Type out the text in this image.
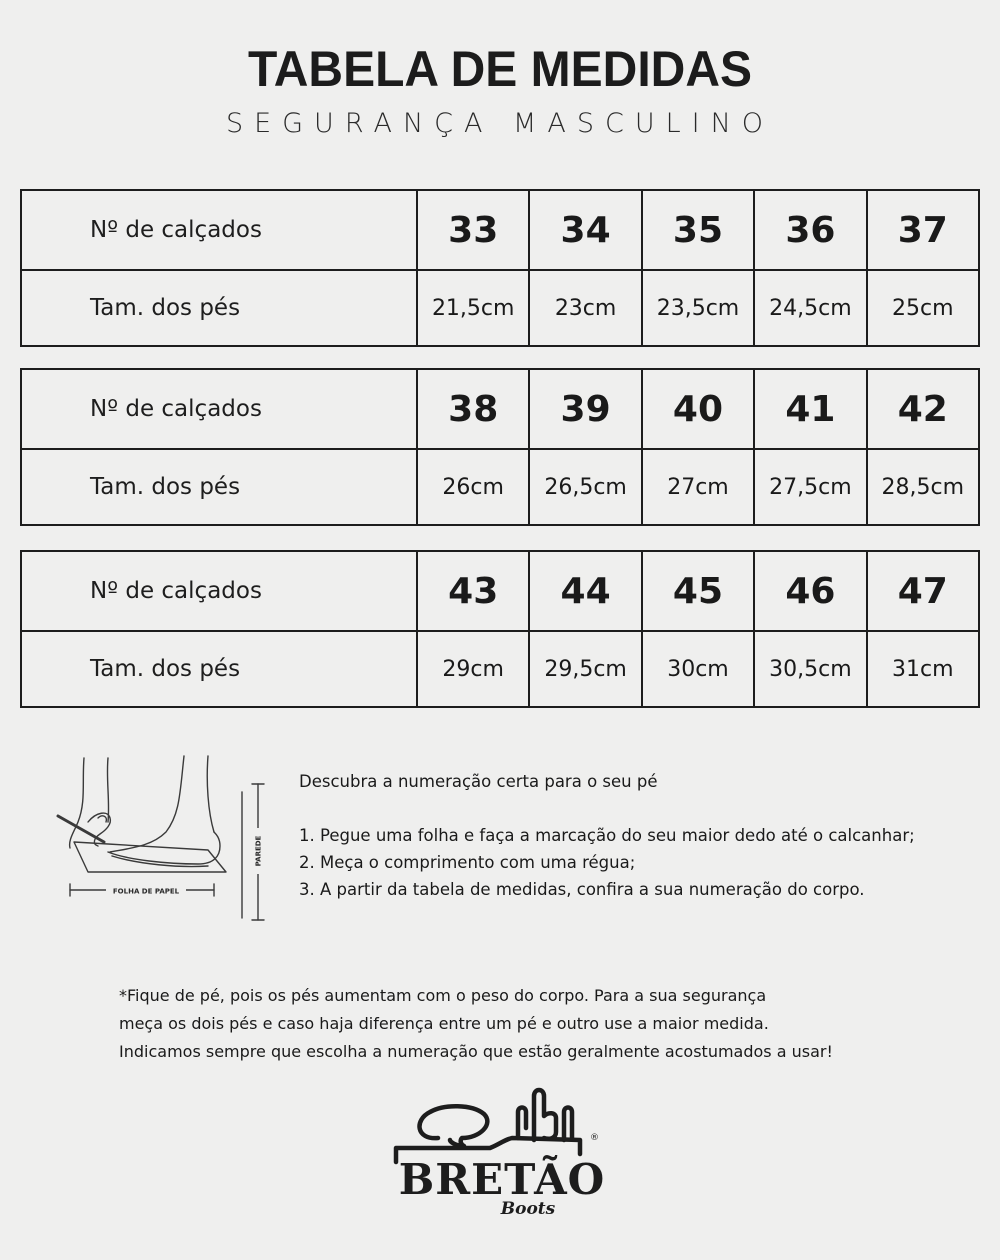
TABELA DE MEDIDAS
SEGURANÇA MASCULINO
Nº de calçados	33	34	35	36	37
Tam. dos pés	21,5cm	23cm	23,5cm	24,5cm	25cm
Nº de calçados	38	39	40	41	42
Tam. dos pés	26cm	26,5cm	27cm	27,5cm	28,5cm
Nº de calçados	43	44	45	46	47
Tam. dos pés	29cm	29,5cm	30cm	30,5cm	31cm
FOLHA DE PAPEL
PAREDE
Descubra a numeração certa para o seu pé
1. Pegue uma folha e faça a marcação do seu maior dedo até o calcanhar;
2. Meça o comprimento com uma régua;
3. A partir da tabela de medidas, confira a sua numeração do corpo.
*Fique de pé, pois os pés aumentam com o peso do corpo. Para a sua segurança
meça os dois pés e caso haja diferença entre um pé e outro use a maior medida.
Indicamos sempre que escolha a numeração que estão geralmente acostumados a usar!
®
BRETÃO
Boots
